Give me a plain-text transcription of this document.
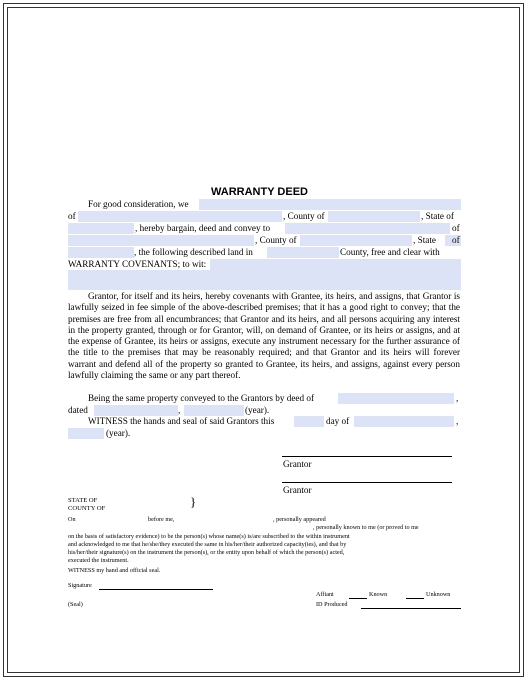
WARRANTY DEED
For good consideration, we
of	, County of	, State of
, hereby bargain, deed and convey to	of
, County of	, State of
, the following described land in	County, free and clear with
WARRANTY COVENANTS; to wit:
Grantor, for itself and its heirs, hereby covenants with Grantee, its heirs, and assigns, that Grantor is lawfully seized in fee simple of the above-described premises; that it has a good right to convey; that the premises are free from all encumbrances; that Grantor and its heirs, and all persons acquiring any interest in the property granted, through or for Grantor, will, on demand of Grantee, or its heirs or assigns, and at the expense of Grantee, its heirs or assigns, execute any instrument necessary for the further assurance of the title to the premises that may be reasonably required; and that Grantor and its heirs will forever warrant and defend all of the property so granted to Grantee, its heirs, and assigns, against every person lawfully claiming the same or any part thereof.
Being the same property conveyed to the Grantors by deed of	,
dated	,	(year).
WITNESS the hands and seal of said Grantors this	day of	,
(year).
Grantor
Grantor
STATE OF
COUNTY OF	}
On	before me,	, personally appeared
, personally known to me (or proved to me
on the basis of satisfactory evidence) to be the person(s) whose name(s) is/are subscribed to the within instrument
and acknowledged to me that he/she/they executed the same in his/her/their authorized capacity(ies), and that by
his/her/their signature(s) on the instrument the person(s), or the entity upon behalf of which the person(s) acted,
executed the instrument.
WITNESS my hand and official seal.
Signature
Affiant	Known	Unknown
(Seal)	ID Produced
